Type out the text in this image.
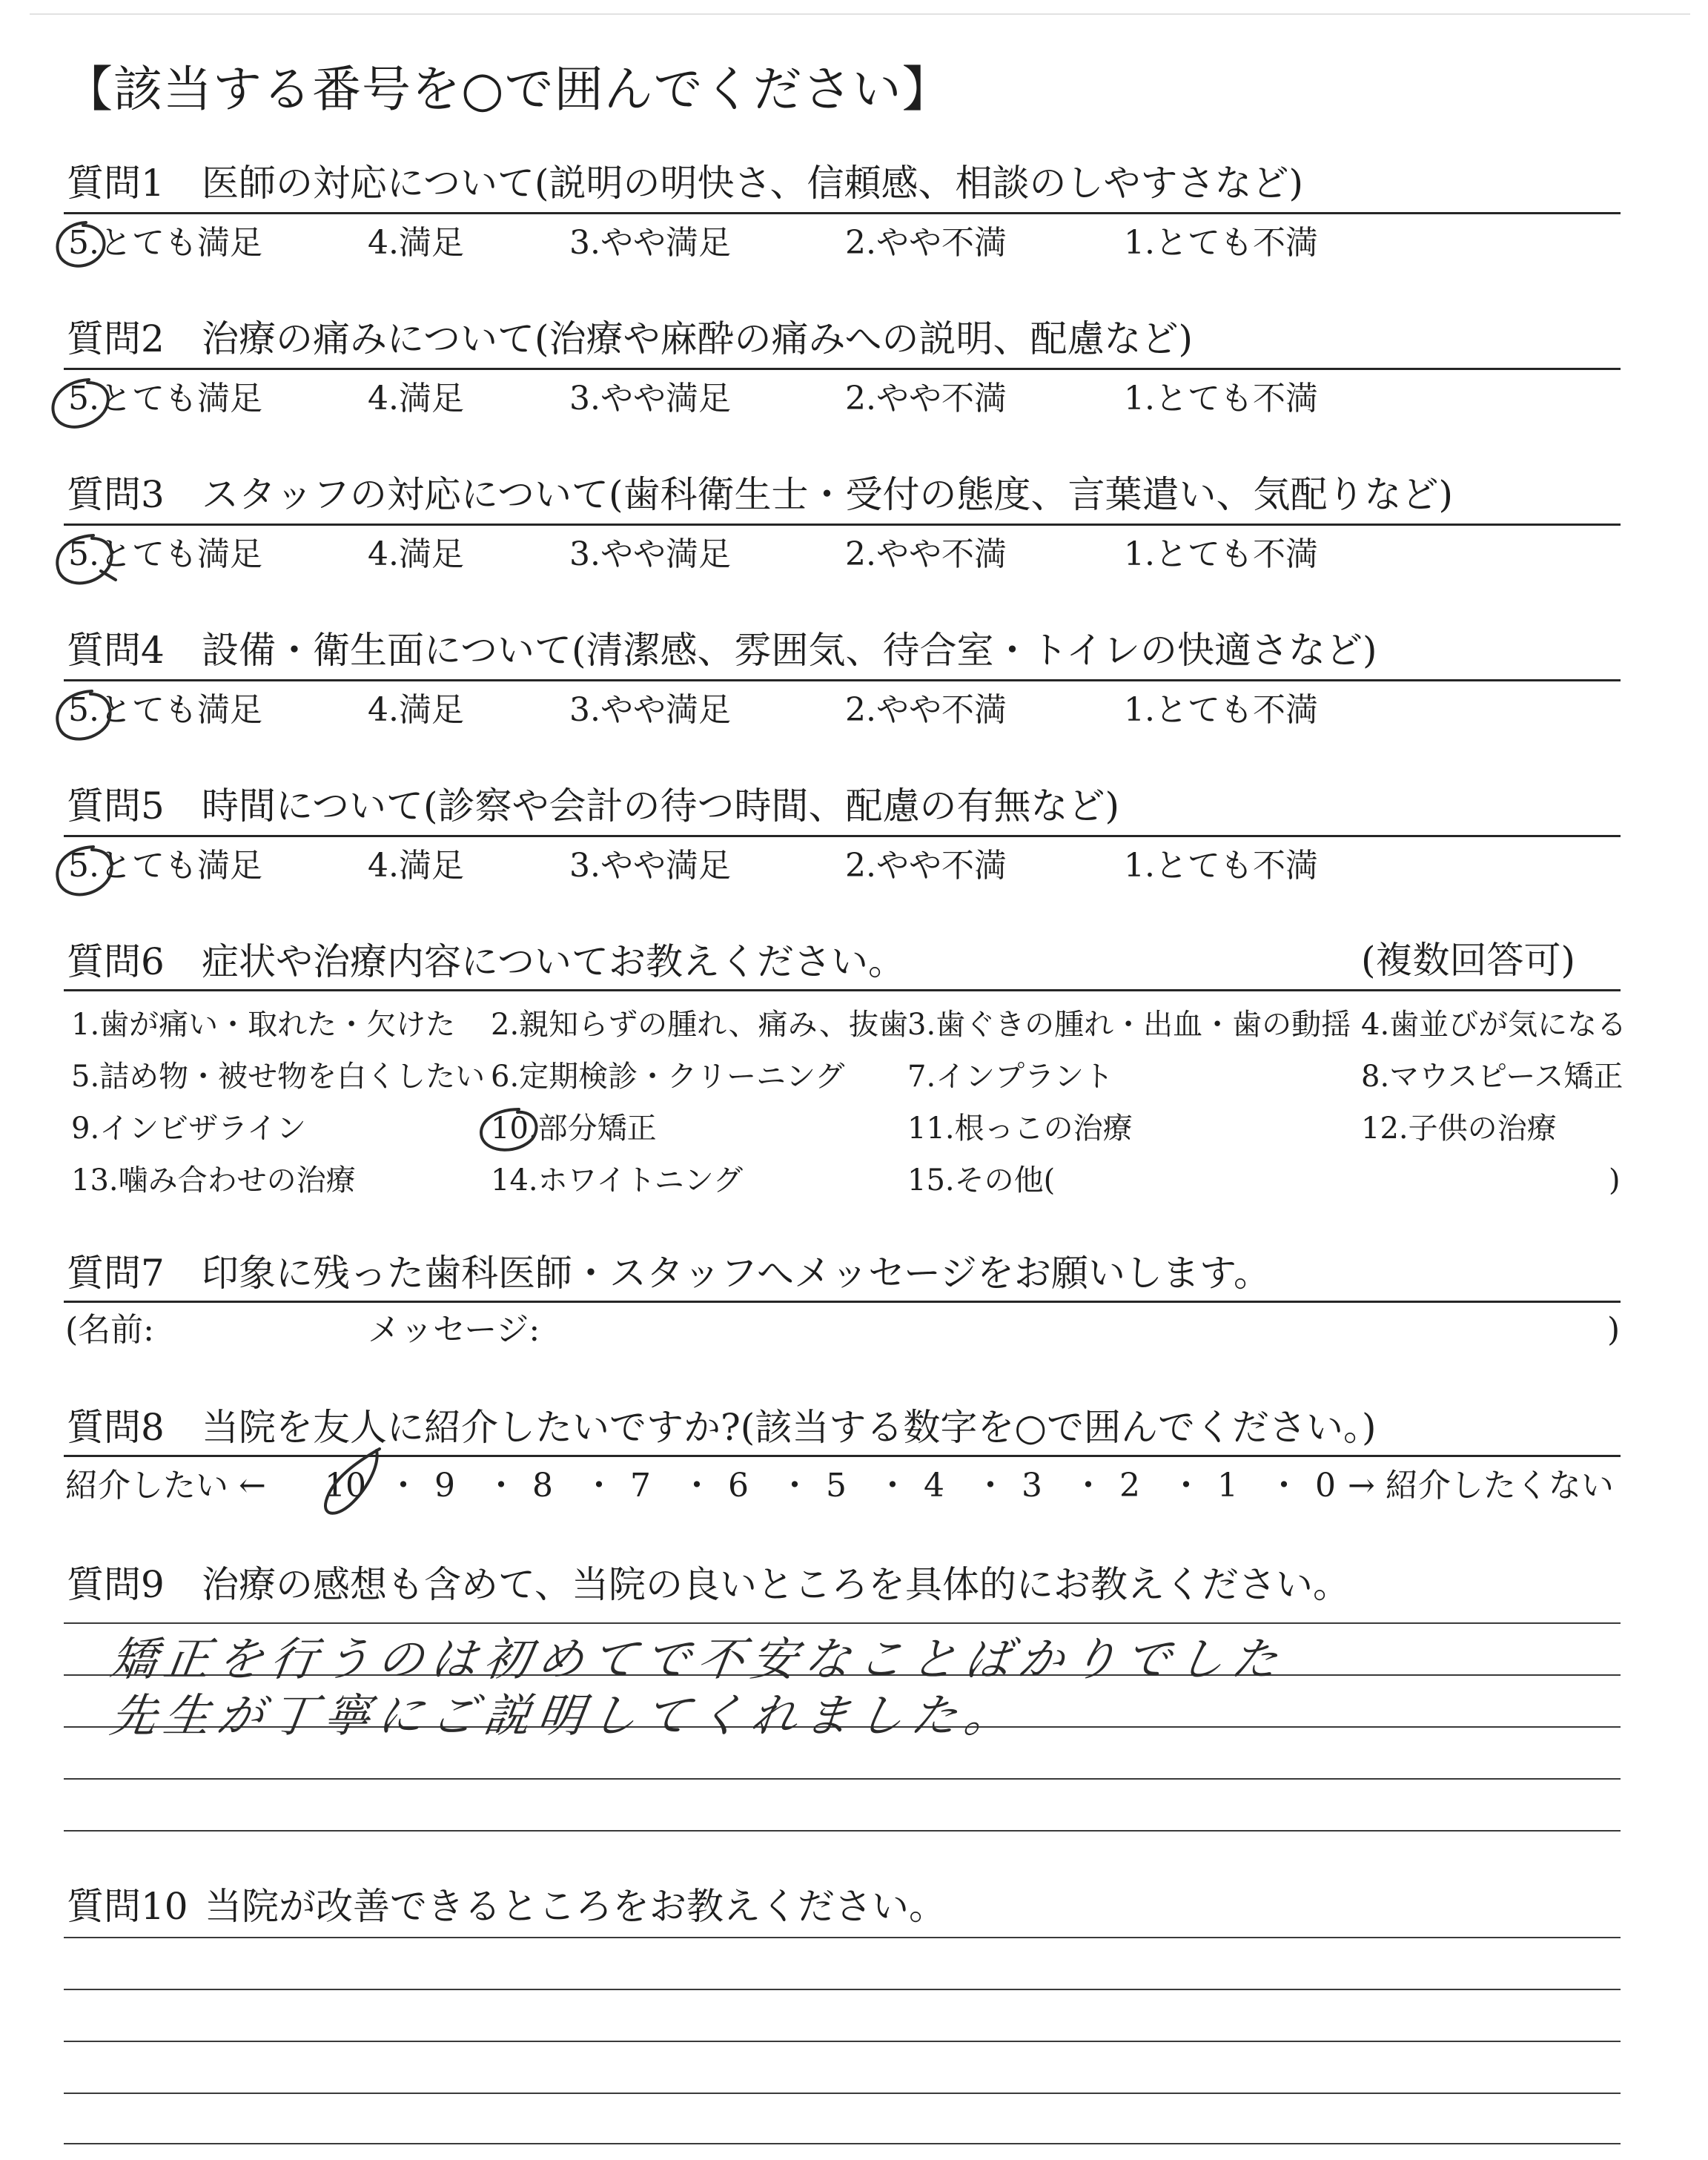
【該当する番号を○で囲んでください】
質問1 医師の対応について(説明の明快さ、信頼感、相談のしやすさなど)
5.とても満足	4.満足	3.やや満足	2.やや不満	1.とても不満
質問2 治療の痛みについて(治療や麻酔の痛みへの説明、配慮など)
5.とても満足	4.満足	3.やや満足	2.やや不満	1.とても不満
質問3 スタッフの対応について(歯科衛生士・受付の態度、言葉遣い、気配りなど)
5.とても満足	4.満足	3.やや満足	2.やや不満	1.とても不満
質問4 設備・衛生面について(清潔感、雰囲気、待合室・トイレの快適さなど)
5.とても満足	4.満足	3.やや満足	2.やや不満	1.とても不満
質問5 時間について(診察や会計の待つ時間、配慮の有無など)
5.とても満足	4.満足	3.やや満足	2.やや不満	1.とても不満
質問6 症状や治療内容についてお教えください。	(複数回答可)
1.歯が痛い・取れた・欠けた 2.親知らずの腫れ、痛み、抜歯 3.歯ぐきの腫れ・出血・歯の動揺 4.歯並びが気になる
5.詰め物・被せ物を白くしたい 6.定期検診・クリーニング 7.インプラント	8.マウスピース矯正
9.インビザライン	10.部分矯正	11.根っこの治療	12.子供の治療
13.噛み合わせの治療	14.ホワイトニング	15.その他(	)
質問7 印象に残った歯科医師・スタッフへメッセージをお願いします。
(名前:	メッセージ:	)
質問8 当院を友人に紹介したいですか?(該当する数字を○で囲んでください。)
紹介したい ← 10 ・ 9 ・ 8 ・ 7 ・ 6 ・ 5 ・ 4 ・ 3 ・ 2 ・ 1 ・ 0 → 紹介したくない
質問9 治療の感想も含めて、当院の良いところを具体的にお教えください。
矯正を行うのは初めてで不安なことばかりでした
先生が丁寧にご説明してくれました。
質問10 当院が改善できるところをお教えください。
